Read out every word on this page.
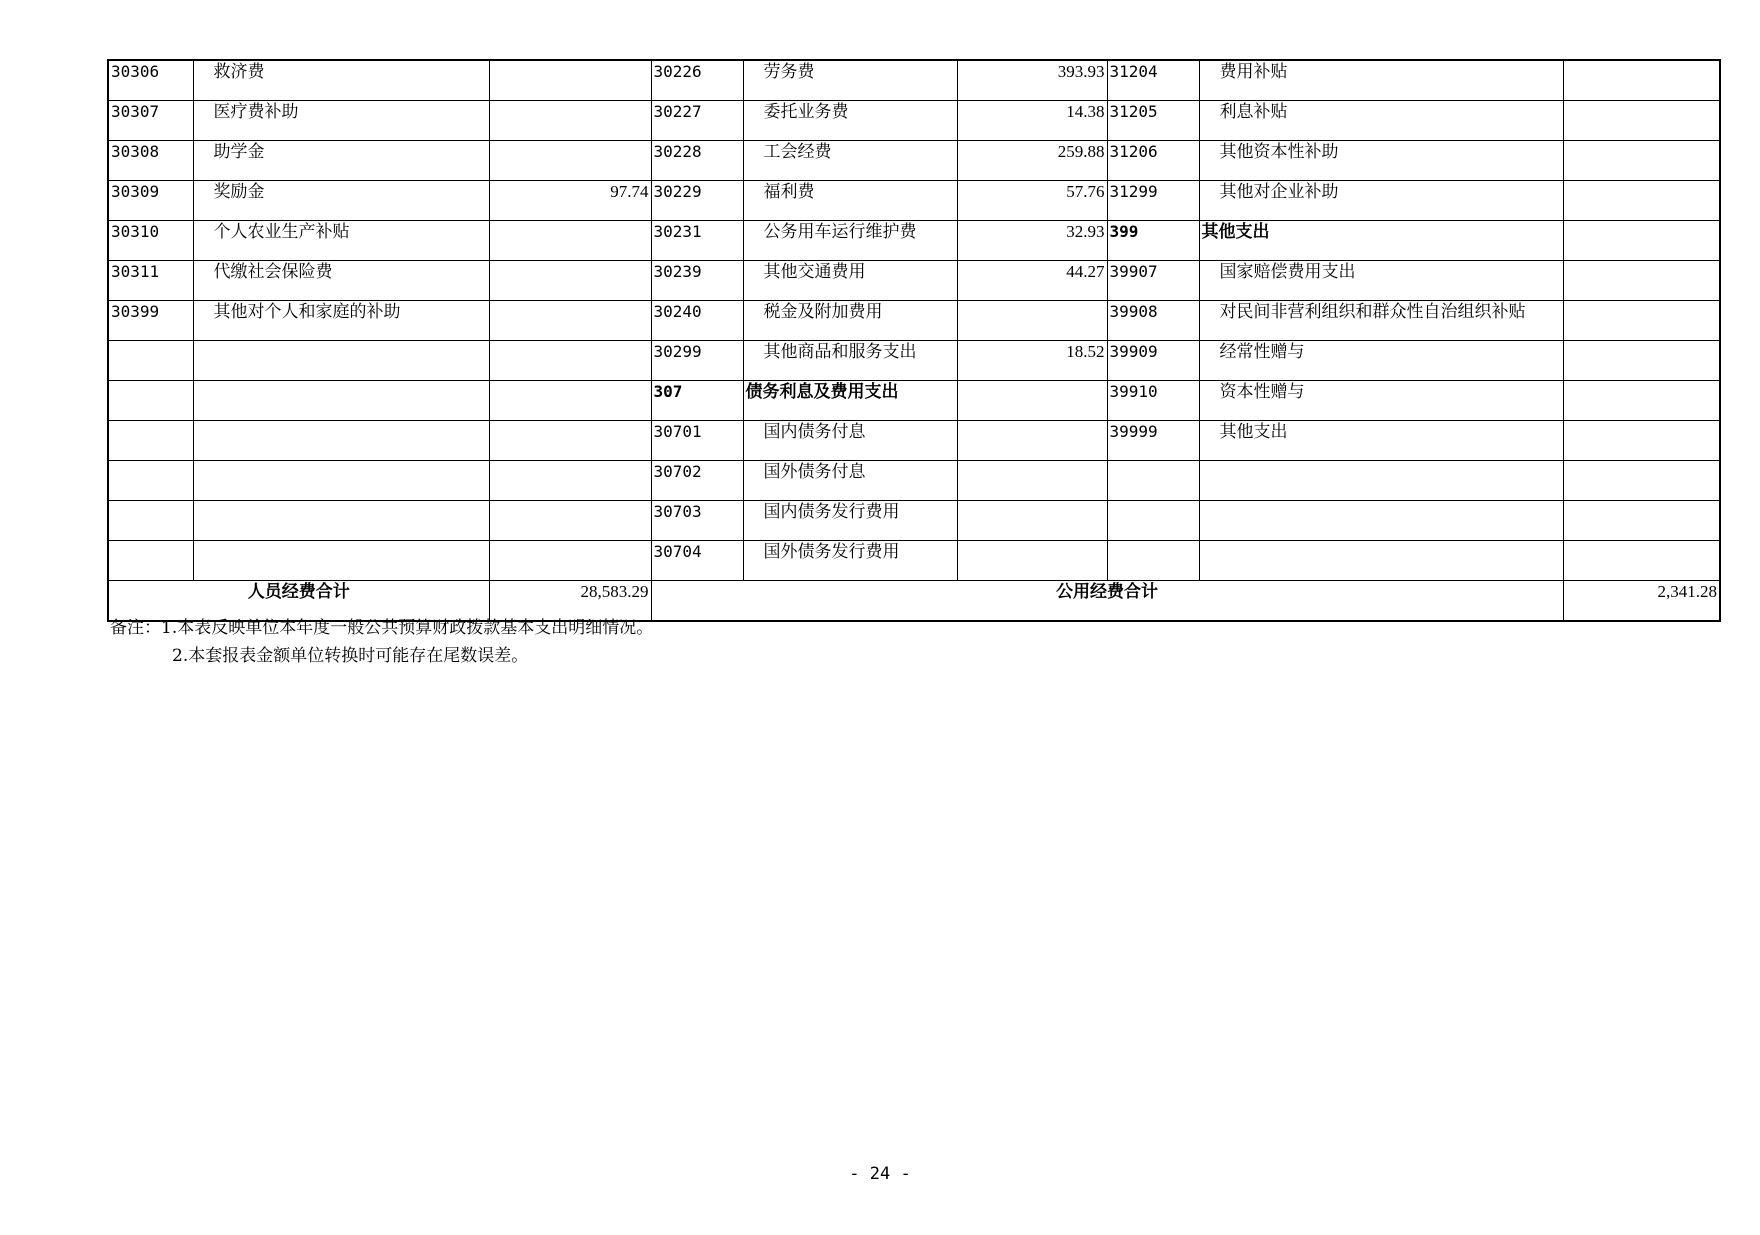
30306	救济费		30226	劳务费	393.93	31204	费用补贴	
30307	医疗费补助		30227	委托业务费	14.38	31205	利息补贴	
30308	助学金		30228	工会经费	259.88	31206	其他资本性补助	
30309	奖励金	97.74	30229	福利费	57.76	31299	其他对企业补助	
30310	个人农业生产补贴		30231	公务用车运行维护费	32.93	399	其他支出	
30311	代缴社会保险费		30239	其他交通费用	44.27	39907	国家赔偿费用支出	
30399	其他对个人和家庭的补助		30240	税金及附加费用		39908	对民间非营利组织和群众性自治组织补贴	
			30299	其他商品和服务支出	18.52	39909	经常性赠与	
			307	债务利息及费用支出		39910	资本性赠与	
			30701	国内债务付息		39999	其他支出	
			30702	国外债务付息				
			30703	国内债务发行费用				
			30704	国外债务发行费用				
人员经费合计		28,583.29	公用经费合计					2,341.28
备注：1.本表反映单位本年度一般公共预算财政拨款基本支出明细情况。
2.本套报表金额单位转换时可能存在尾数误差。
- 24 -
